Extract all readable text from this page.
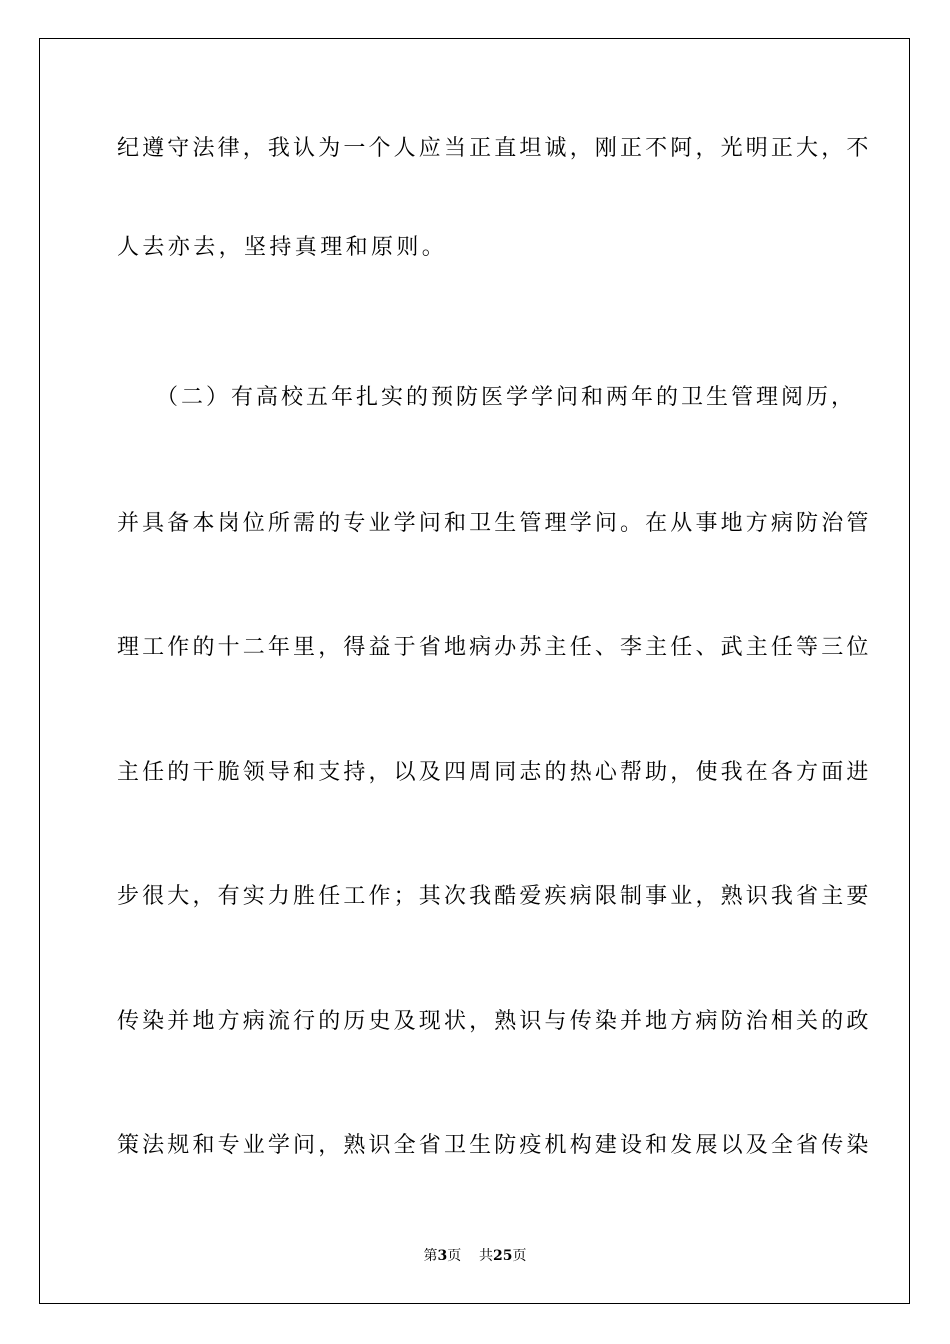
纪遵守法律，我认为一个人应当正直坦诚，刚正不阿，光明正大，不
人去亦去，坚持真理和原则。
　　（二）有高校五年扎实的预防医学学问和两年的卫生管理阅历，
并具备本岗位所需的专业学问和卫生管理学问。在从事地方病防治管
理工作的十二年里，得益于省地病办苏主任、李主任、武主任等三位
主任的干脆领导和支持，以及四周同志的热心帮助，使我在各方面进
步很大，有实力胜任工作；其次我酷爱疾病限制事业，熟识我省主要
传染并地方病流行的历史及现状，熟识与传染并地方病防治相关的政
策法规和专业学问，熟识全省卫生防疫机构建设和发展以及全省传染
第3页 共25页
